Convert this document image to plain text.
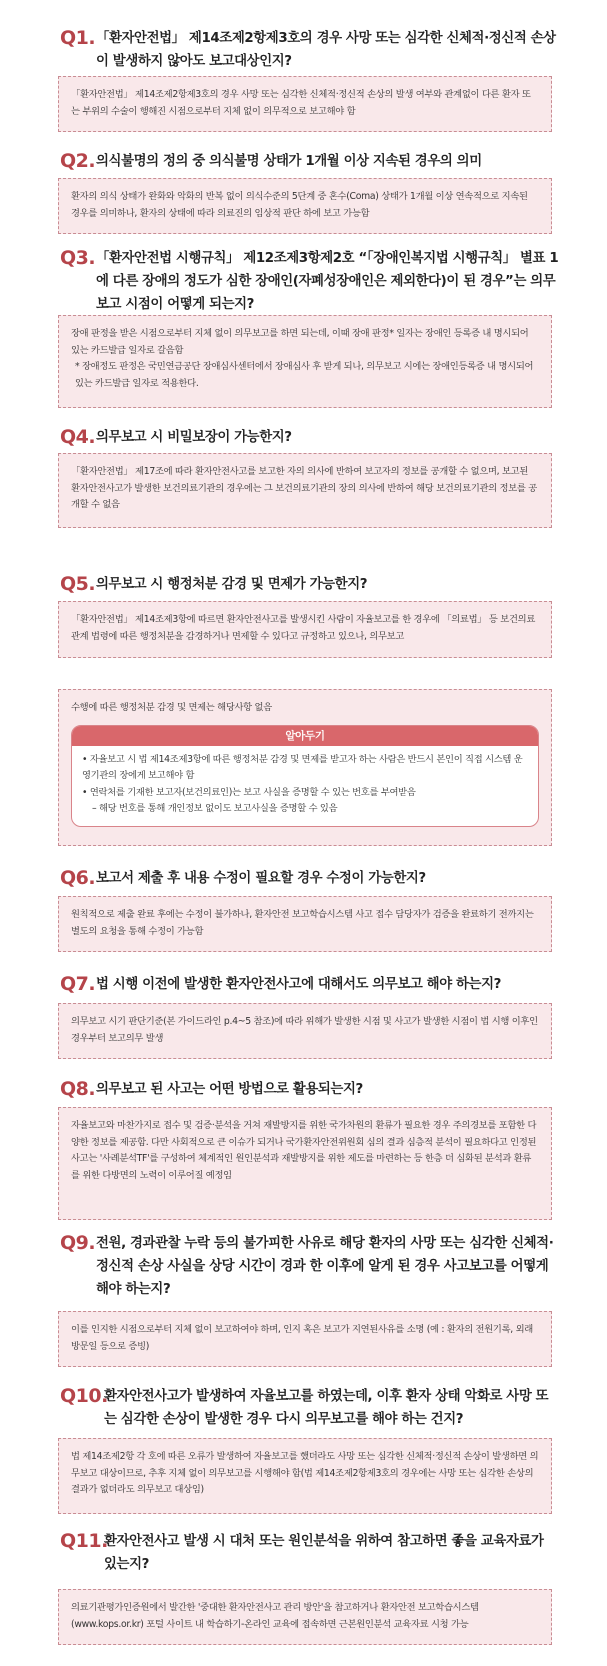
Q1. 「환자안전법」 제14조제2항제3호의 경우 사망 또는 심각한 신체적·정신적 손상이 발생하지 않아도 보고대상인지?

「환자안전법」 제14조제2항제3호의 경우 사망 또는 심각한 신체적·정신적 손상의 발생 여부와 관계없이 다른 환자 또는 부위의 수술이 행해진 시점으로부터 지체 없이 의무적으로 보고해야 함

Q2. 의식불명의 정의 중 의식불명 상태가 1개월 이상 지속된 경우의 의미

환자의 의식 상태가 완화와 악화의 반복 없이 의식수준의 5단계 중 혼수(Coma) 상태가 1개월 이상 연속적으로 지속된 경우를 의미하나, 환자의 상태에 따라 의료진의 임상적 판단 하에 보고 가능함

Q3. 「환자안전법 시행규칙」 제12조제3항제2호 “「장애인복지법 시행규칙」 별표 1에 다른 장애의 정도가 심한 장애인(자폐성장애인은 제외한다)이 된 경우”는 의무보고 시점이 어떻게 되는지?

장애 판정을 받은 시점으로부터 지체 없이 의무보고를 하면 되는데, 이때 장애 판정* 일자는 장애인 등록증 내 명시되어 있는 카드발급 일자로 갈음함

* 장애정도 판정은 국민연금공단 장애심사센터에서 장애심사 후 받게 되나, 의무보고 시에는 장애인등록증 내 명시되어 있는 카드발급 일자로 적용한다.

Q4. 의무보고 시 비밀보장이 가능한지?

「환자안전법」 제17조에 따라 환자안전사고를 보고한 자의 의사에 반하여 보고자의 정보를 공개할 수 없으며, 보고된 환자안전사고가 발생한 보건의료기관의 경우에는 그 보건의료기관의 장의 의사에 반하여 해당 보건의료기관의 정보를 공개할 수 없음

Q5. 의무보고 시 행정처분 감경 및 면제가 가능한지?

「환자안전법」 제14조제3항에 따르면 환자안전사고를 발생시킨 사람이 자율보고를 한 경우에 「의료법」 등 보건의료 관계 법령에 따른 행정처분을 감경하거나 면제할 수 있다고 규정하고 있으나, 의무보고

수행에 따른 행정처분 감경 및 면제는 해당사항 없음

알아두기

• 자율보고 시 법 제14조제3항에 따른 행정처분 감경 및 면제를 받고자 하는 사람은 반드시 본인이 직접 시스템 운영기관의 장에게 보고해야 함

• 연락처를 기재한 보고자(보건의료인)는 보고 사실을 증명할 수 있는 번호를 부여받음

– 해당 번호를 통해 개인정보 없이도 보고사실을 증명할 수 있음

Q6. 보고서 제출 후 내용 수정이 필요할 경우 수정이 가능한지?

원칙적으로 제출 완료 후에는 수정이 불가하나, 환자안전 보고학습시스템 사고 접수 담당자가 검증을 완료하기 전까지는 별도의 요청을 통해 수정이 가능함

Q7. 법 시행 이전에 발생한 환자안전사고에 대해서도 의무보고 해야 하는지?

의무보고 시기 판단기준(본 가이드라인 p.4~5 참조)에 따라 위해가 발생한 시점 및 사고가 발생한 시점이 법 시행 이후인 경우부터 보고의무 발생

Q8. 의무보고 된 사고는 어떤 방법으로 활용되는지?

자율보고와 마찬가지로 접수 및 검증·분석을 거쳐 재발방지를 위한 국가차원의 환류가 필요한 경우 주의경보를 포함한 다양한 정보를 제공함. 다만 사회적으로 큰 이슈가 되거나 국가환자안전위원회 심의 결과 심층적 분석이 필요하다고 인정된 사고는 '사례분석TF'를 구성하여 체계적인 원인분석과 재발방지를 위한 제도를 마련하는 등 한층 더 심화된 분석과 환류를 위한 다방면의 노력이 이루어질 예정임

Q9. 전원, 경과관찰 누락 등의 불가피한 사유로 해당 환자의 사망 또는 심각한 신체적·정신적 손상 사실을 상당 시간이 경과 한 이후에 알게 된 경우 사고보고를 어떻게 해야 하는지?

이를 인지한 시점으로부터 지체 없이 보고하여야 하며, 인지 혹은 보고가 지연된사유를 소명 (예 : 환자의 전원기록, 외래 방문일 등으로 증빙)

Q10.
환자안전사고가 발생하여 자율보고를 하였는데, 이후 환자 상태 악화로 사망 또는 심각한 손상이 발생한 경우 다시 의무보고를 해야 하는 건지?

법 제14조제2항 각 호에 따른 오류가 발생하여 자율보고를 했더라도 사망 또는 심각한 신체적·정신적 손상이 발생하면 의무보고 대상이므로, 추후 지체 없이 의무보고를 시행해야 함(법 제14조제2항제3호의 경우에는 사망 또는 심각한 손상의 결과가 없더라도 의무보고 대상임)

Q11.
환자안전사고 발생 시 대처 또는 원인분석을 위하여 참고하면 좋을 교육자료가 있는지?

의료기관평가인증원에서 발간한 '중대한 환자안전사고 관리 방안'을 참고하거나 환자안전 보고학습시스템(www.kops.or.kr) 포털 사이트 내 학습하기-온라인 교육에 접속하면 근본원인분석 교육자료 시청 가능
